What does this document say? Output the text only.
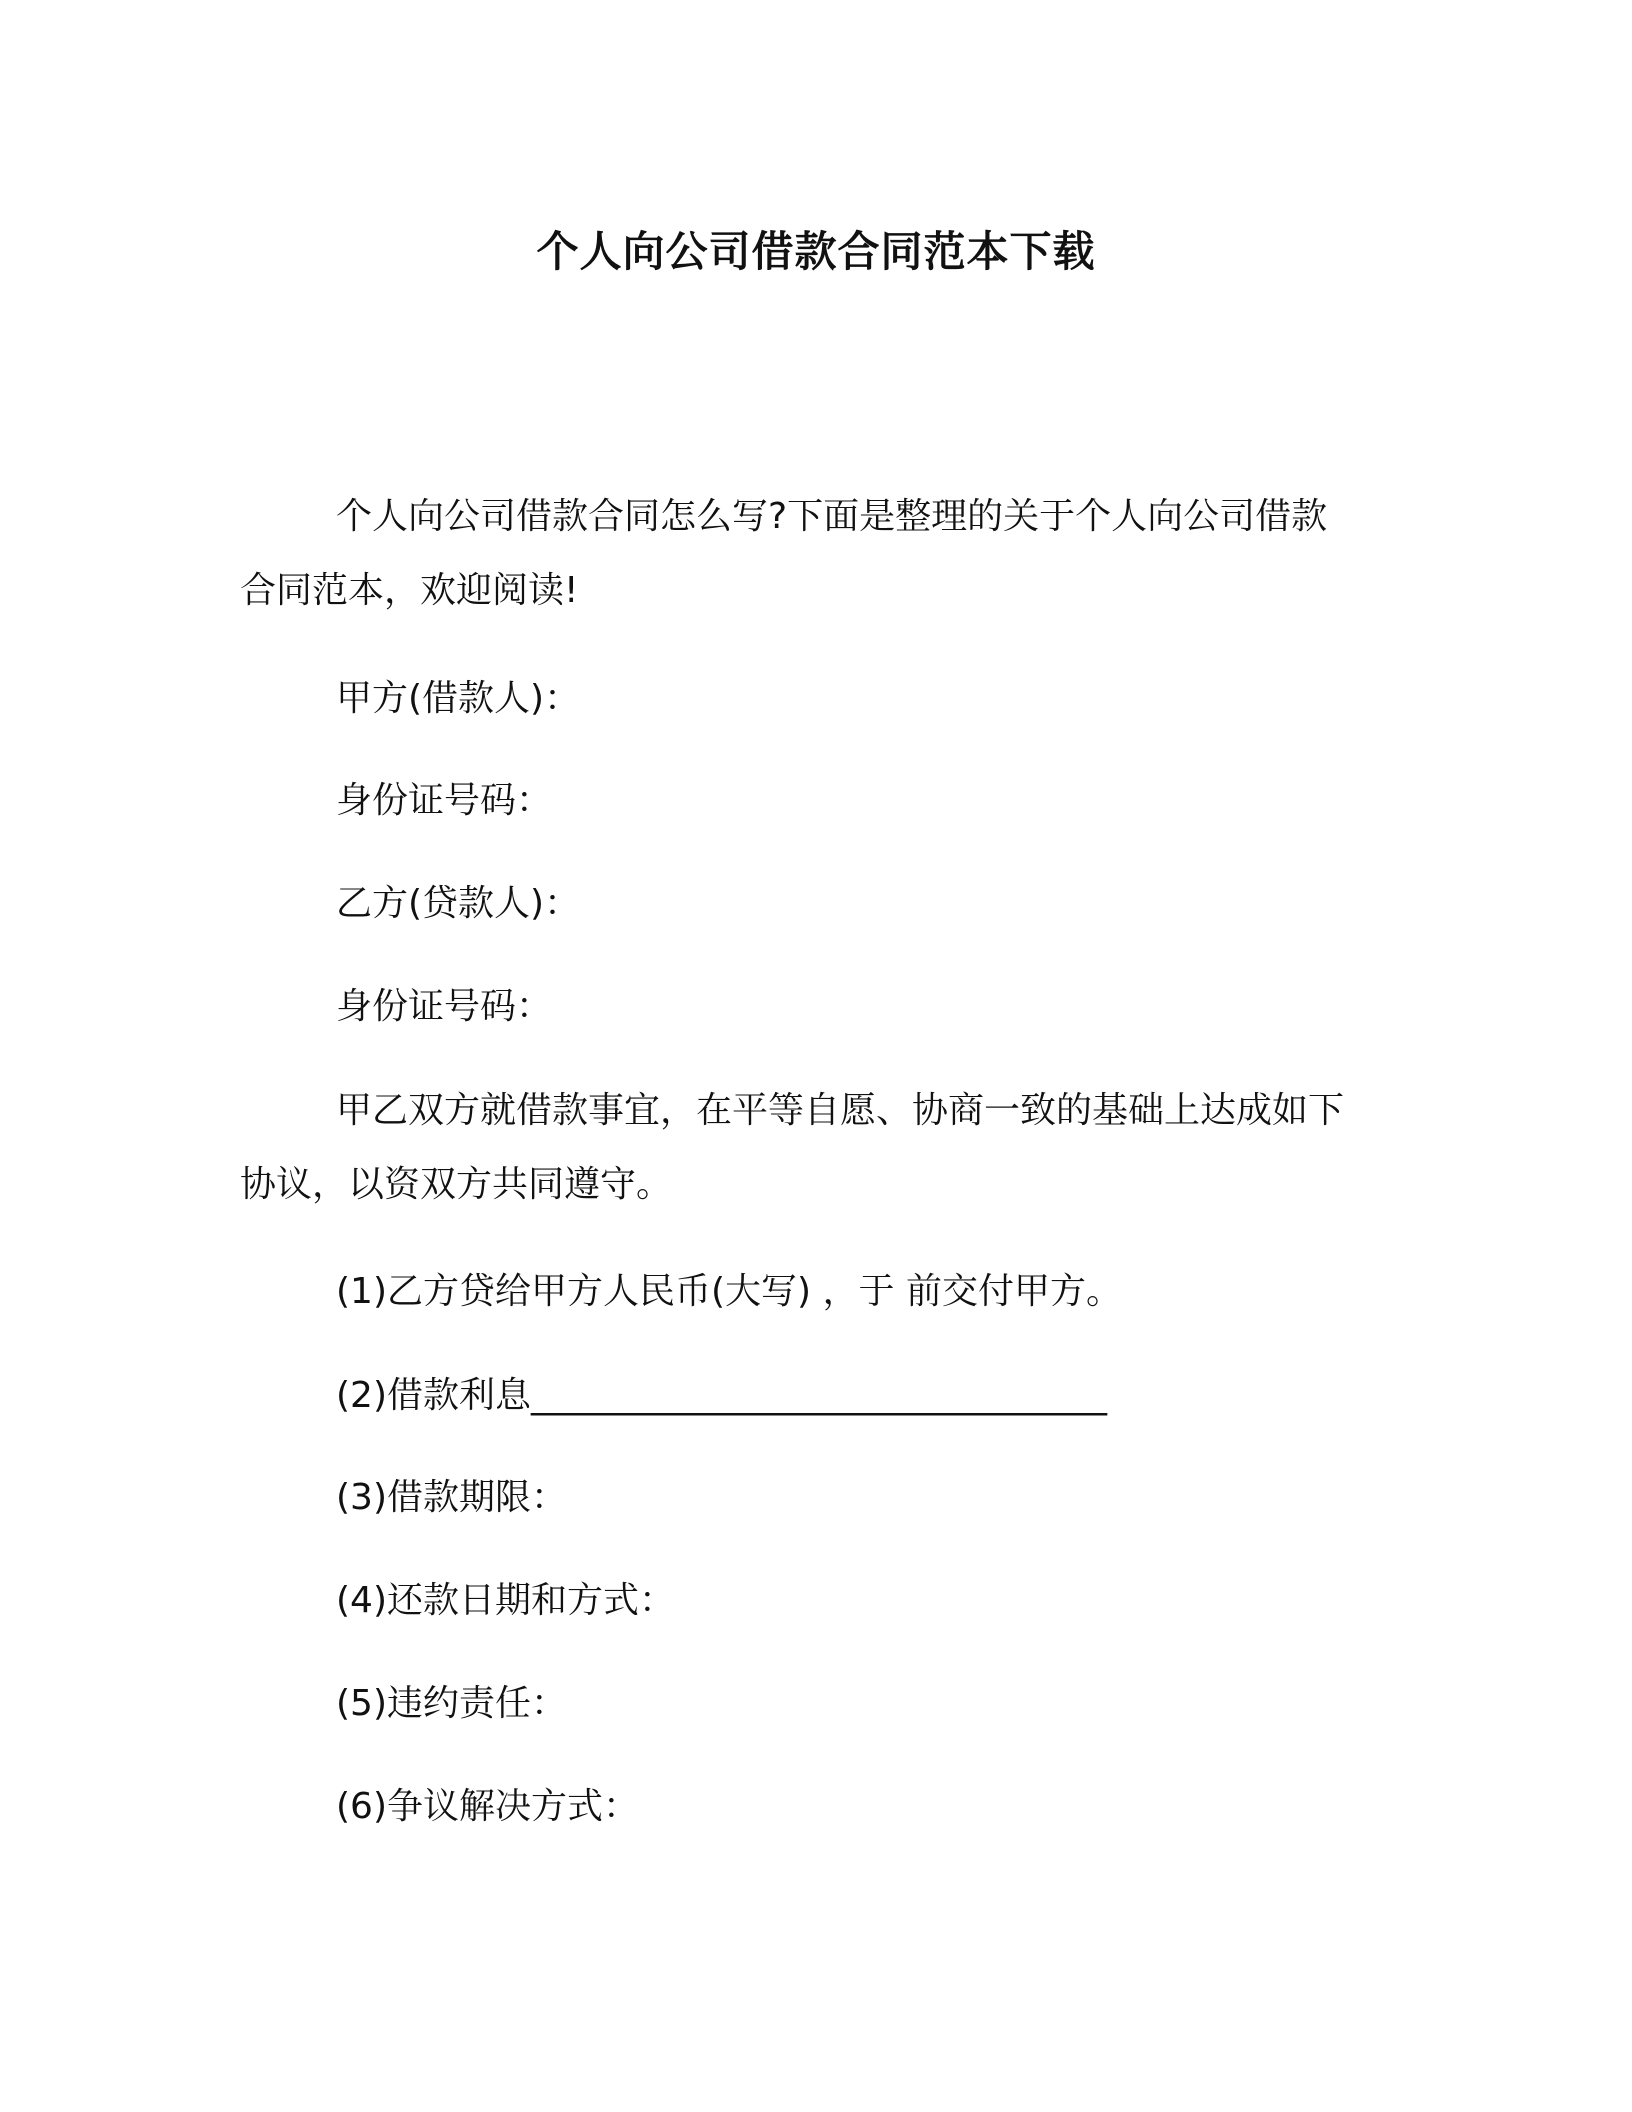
个人向公司借款合同范本下载
个人向公司借款合同怎么写?下面是整理的关于个人向公司借款
合同范本，欢迎阅读!
甲方(借款人)：
身份证号码：
乙方(贷款人)：
身份证号码：
甲乙双方就借款事宜，在平等自愿、协商一致的基础上达成如下
协议，以资双方共同遵守。
(1)乙方贷给甲方人民币(大写) ，于 前交付甲方。
(2)借款利息________________________________
(3)借款期限：
(4)还款日期和方式：
(5)违约责任：
(6)争议解决方式：
